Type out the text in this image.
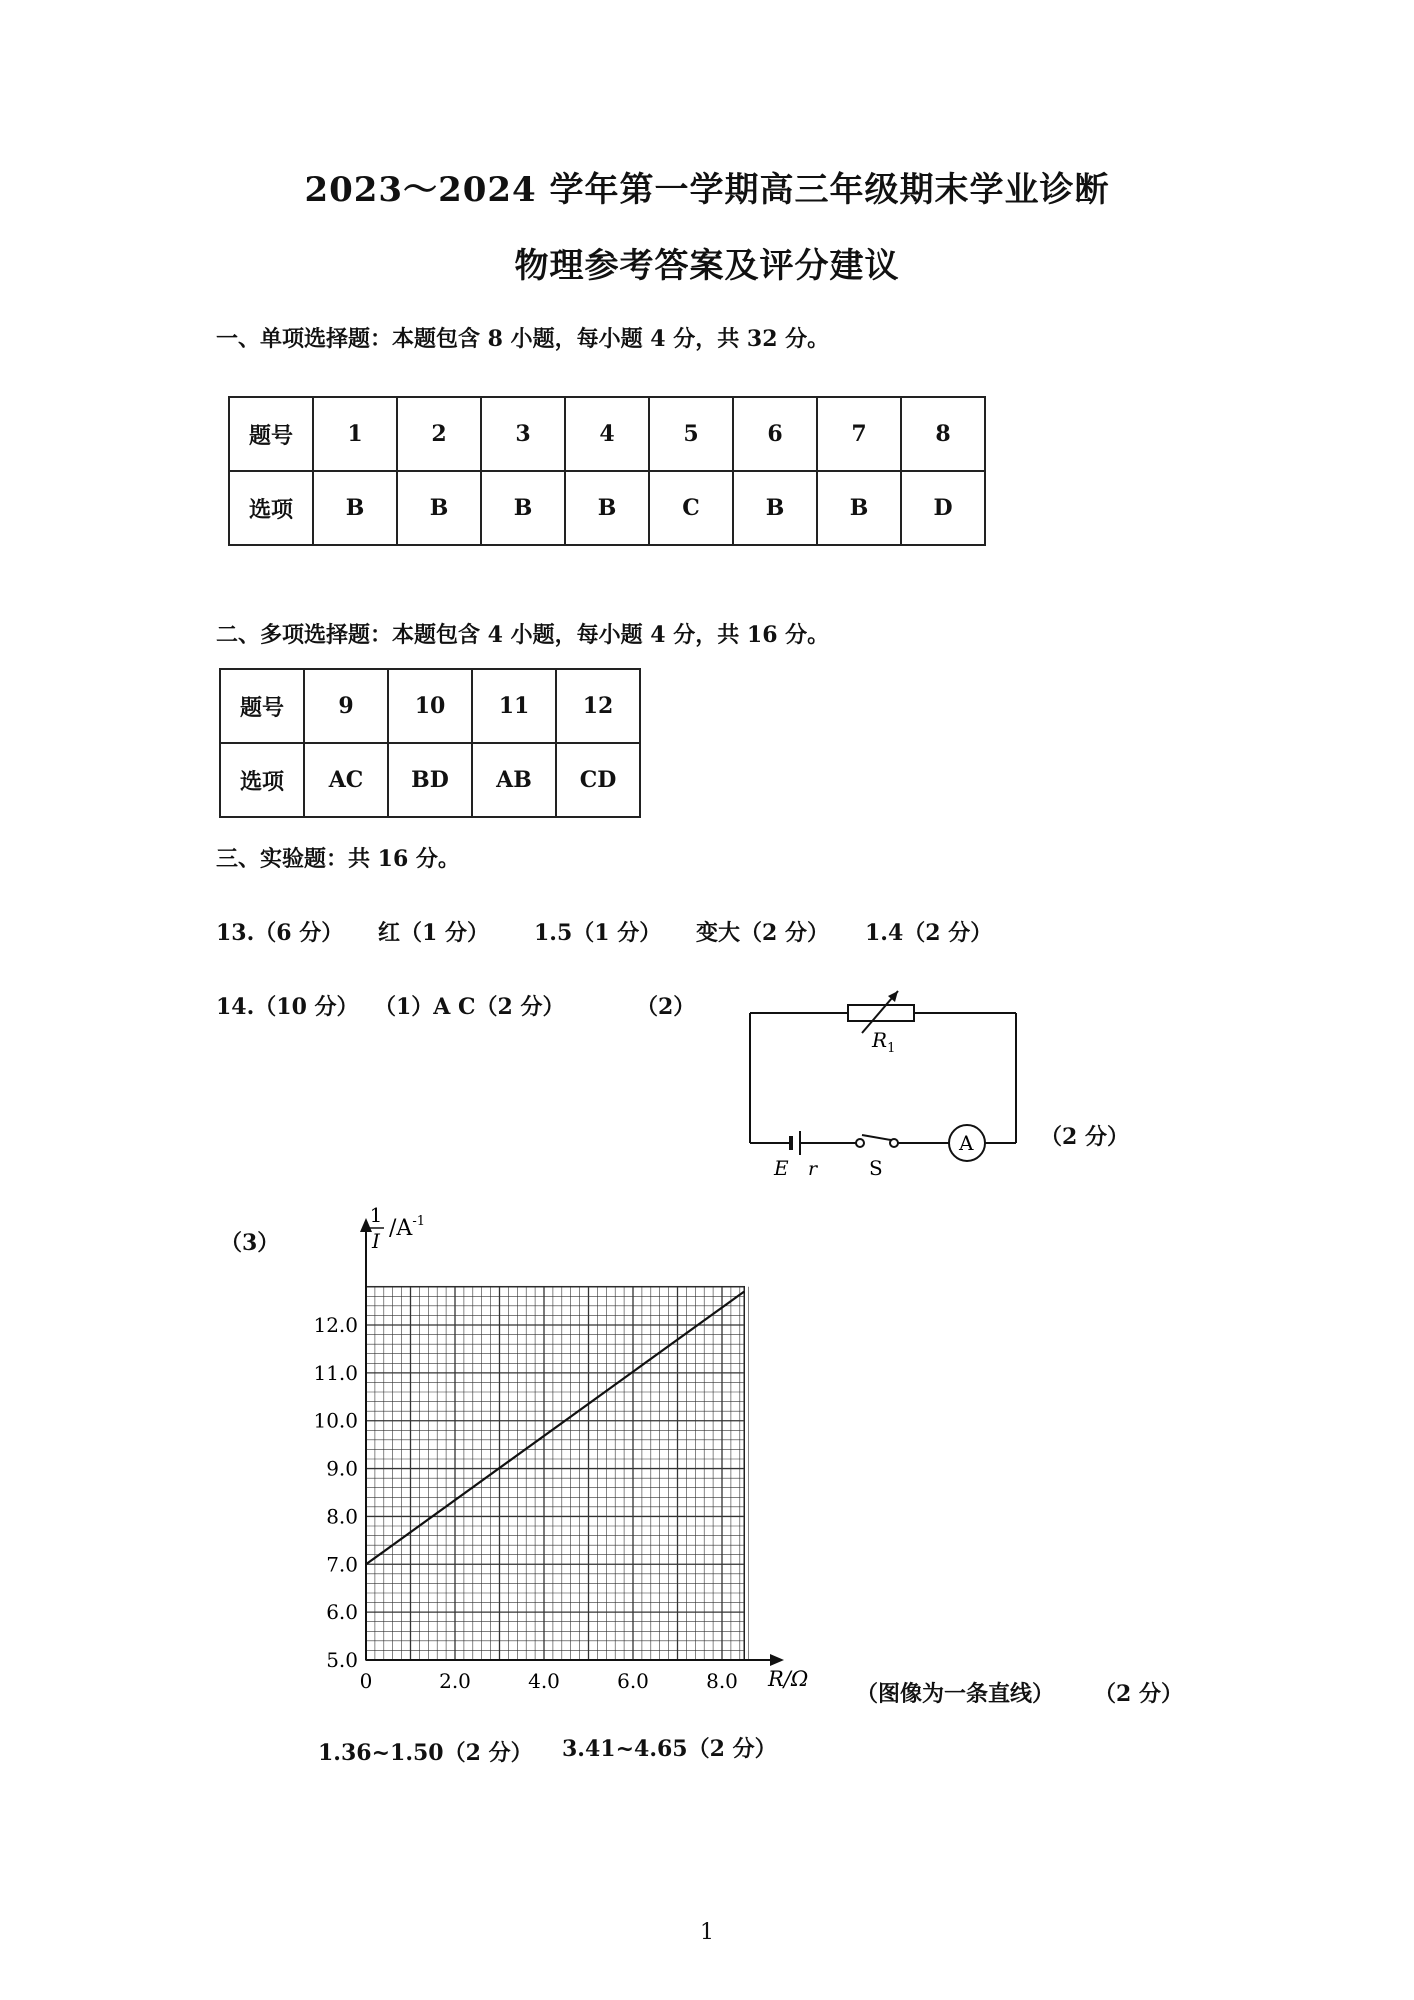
2023～2024 学年第一学期高三年级期末学业诊断
物理参考答案及评分建议
一、单项选择题：本题包含 8 小题，每小题 4 分，共 32 分。
题号	1	2	3	4	5	6	7	8
选项	B	B	B	B	C	B	B	D
二、多项选择题：本题包含 4 小题，每小题 4 分，共 16 分。
题号	9	10	11	12
选项	AC	BD	AB	CD
三、实验题：共 16 分。
13.（6 分） 红（1 分） 1.5（1 分） 变大（2 分） 1.4（2 分）
14.（10 分） （1）A C（2 分）	（2）
$R_1$
A
E r	S
（2 分）
（3）
0	2.0	4.0	6.0	8.0
5.0
6.0
7.0
8.0
9.0
10.0
11.0
12.0
1
I $/A^{-1}$
R/Ω
（图像为一条直线） （2 分）
1.36~1.50（2 分） 3.41~4.65（2 分）
1
